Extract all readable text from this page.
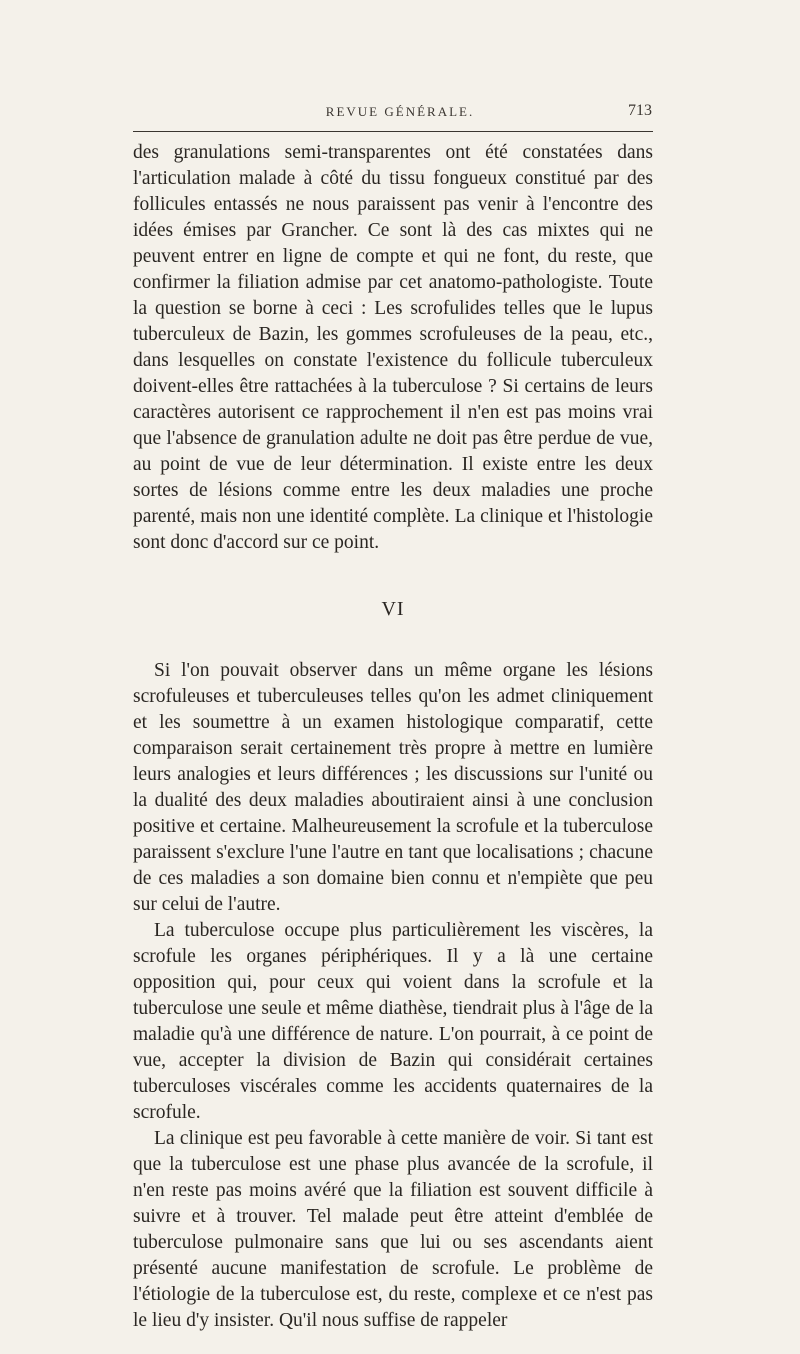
REVUE GÉNÉRALE.	713

des granulations semi-transparentes ont été constatées dans l'articulation malade à côté du tissu fongueux constitué par des follicules entassés ne nous paraissent pas venir à l'encontre des idées émises par Grancher. Ce sont là des cas mixtes qui ne peuvent entrer en ligne de compte et qui ne font, du reste, que confirmer la filiation admise par cet anatomo-pathologiste. Toute la question se borne à ceci : Les scrofulides telles que le lupus tuberculeux de Bazin, les gommes scrofuleuses de la peau, etc., dans lesquelles on constate l'existence du follicule tuberculeux doivent-elles être rattachées à la tuberculose ? Si certains de leurs caractères autorisent ce rapprochement il n'en est pas moins vrai que l'absence de granulation adulte ne doit pas être perdue de vue, au point de vue de leur détermination. Il existe entre les deux sortes de lésions comme entre les deux maladies une proche parenté, mais non une identité complète. La clinique et l'histologie sont donc d'accord sur ce point.

VI

Si l'on pouvait observer dans un même organe les lésions scrofuleuses et tuberculeuses telles qu'on les admet cliniquement et les soumettre à un examen histologique comparatif, cette comparaison serait certainement très propre à mettre en lumière leurs analogies et leurs différences ; les discussions sur l'unité ou la dualité des deux maladies aboutiraient ainsi à une conclusion positive et certaine. Malheureusement la scrofule et la tuberculose paraissent s'exclure l'une l'autre en tant que localisations ; chacune de ces maladies a son domaine bien connu et n'empiète que peu sur celui de l'autre.

La tuberculose occupe plus particulièrement les viscères, la scrofule les organes périphériques. Il y a là une certaine opposition qui, pour ceux qui voient dans la scrofule et la tuberculose une seule et même diathèse, tiendrait plus à l'âge de la maladie qu'à une différence de nature. L'on pourrait, à ce point de vue, accepter la division de Bazin qui considérait certaines tuberculoses viscérales comme les accidents quaternaires de la scrofule.

La clinique est peu favorable à cette manière de voir. Si tant est que la tuberculose est une phase plus avancée de la scrofule, il n'en reste pas moins avéré que la filiation est souvent difficile à suivre et à trouver. Tel malade peut être atteint d'emblée de tuberculose pulmonaire sans que lui ou ses ascendants aient présenté aucune manifestation de scrofule. Le problème de l'étiologie de la tuberculose est, du reste, complexe et ce n'est pas le lieu d'y insister. Qu'il nous suffise de rappeler
